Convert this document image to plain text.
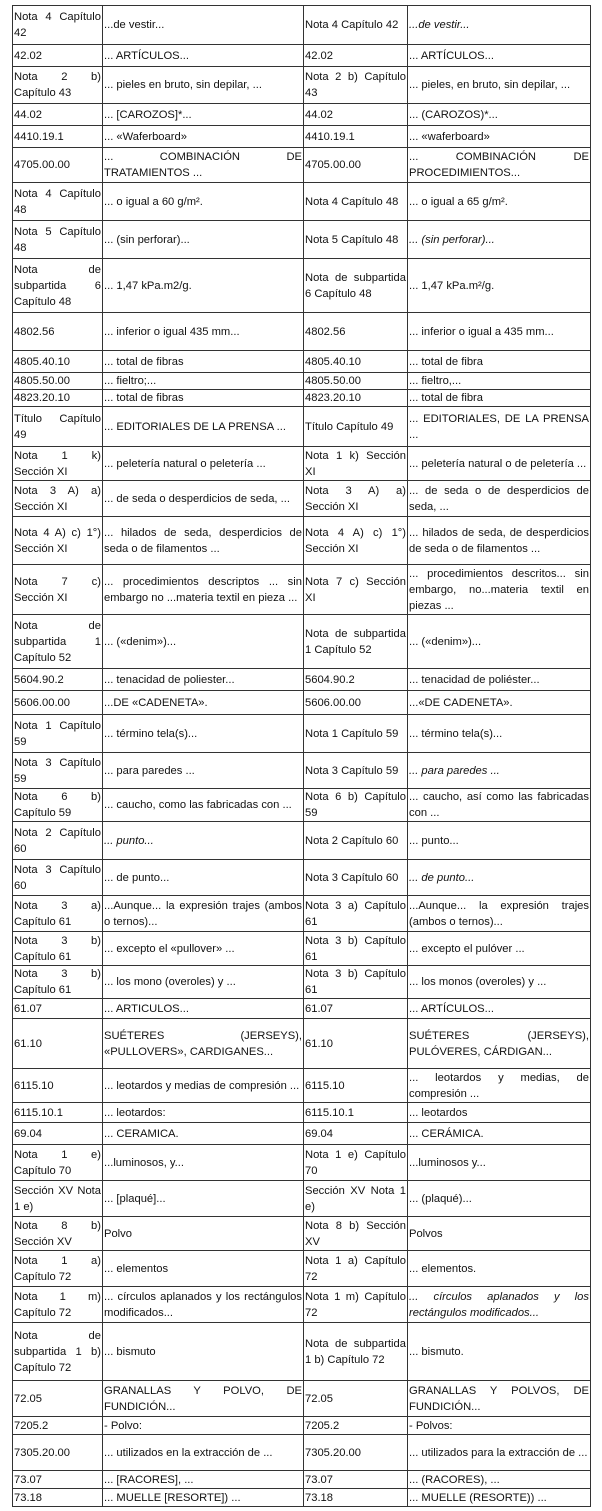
Nota 4 Capítulo 42	...de vestir...	Nota 4 Capítulo 42	...de vestir...
42.02	... ARTÍCULOS...	42.02	... ARTÍCULOS...
Nota 2 b) Capítulo 43	... pieles en bruto, sin depilar, ...	Nota 2 b) Capítulo 43	... pieles, en bruto, sin depilar, ...
44.02	... [CAROZOS]*...	44.02	... (CAROZOS)*...
4410.19.1	... «Waferboard»	4410.19.1	... «waferboard»
4705.00.00	... COMBINACIÓN DE TRATAMIENTOS ...	4705.00.00	... COMBINACIÓN DE PROCEDIMIENTOS...
Nota 4 Capítulo 48	... o igual a 60 g/m².	Nota 4 Capítulo 48	... o igual a 65 g/m².
Nota 5 Capítulo 48	... (sin perforar)...	Nota 5 Capítulo 48	... (sin perforar)...
Nota de subpartida 6 Capítulo 48	... 1,47 kPa.m2/g.	Nota de subpartida 6 Capítulo 48	... 1,47 kPa.m²/g.
4802.56	... inferior o igual 435 mm...	4802.56	... inferior o igual a 435 mm...
4805.40.10	... total de fibras	4805.40.10	... total de fibra
4805.50.00	... fieltro;...	4805.50.00	... fieltro,...
4823.20.10	... total de fibras	4823.20.10	... total de fibra
Título Capítulo 49	... EDITORIALES DE LA PRENSA ...	Título Capítulo 49	... EDITORIALES, DE LA PRENSA ...
Nota 1 k) Sección XI	... peletería natural o peletería ...	Nota 1 k) Sección XI	... peletería natural o de peletería ...
Nota 3 A) a) Sección XI	... de seda o desperdicios de seda, ...	Nota 3 A) a) Sección XI	... de seda o de desperdicios de seda, ...
Nota 4 A) c) 1°) Sección XI	... hilados de seda, desperdicios de seda o de filamentos ...	Nota 4 A) c) 1°) Sección XI	... hilados de seda, de desperdicios de seda o de filamentos ...
Nota 7 c) Sección XI	... procedimientos descriptos ... sin embargo no ...materia textil en pieza ...	Nota 7 c) Sección XI	... procedimientos descritos... sin embargo, no...materia textil en piezas ...
Nota de subpartida 1 Capítulo 52	... («denim»)...	Nota de subpartida 1 Capítulo 52	... («denim»)...
5604.90.2	... tenacidad de poliester...	5604.90.2	... tenacidad de poliéster...
5606.00.00	...DE «CADENETA».	5606.00.00	...«DE CADENETA».
Nota 1 Capítulo 59	... término tela(s)...	Nota 1 Capítulo 59	... término tela(s)...
Nota 3 Capítulo 59	... para paredes ...	Nota 3 Capítulo 59	... para paredes ...
Nota 6 b) Capítulo 59	... caucho, como las fabricadas con ...	Nota 6 b) Capítulo 59	... caucho, así como las fabricadas con ...
Nota 2 Capítulo 60	... punto...	Nota 2 Capítulo 60	... punto...
Nota 3 Capítulo 60	... de punto...	Nota 3 Capítulo 60	... de punto...
Nota 3 a) Capítulo 61	...Aunque... la expresión trajes (ambos o ternos)...	Nota 3 a) Capítulo 61	...Aunque... la expresión trajes (ambos o ternos)...
Nota 3 b) Capítulo 61	... excepto el «pullover» ...	Nota 3 b) Capítulo 61	... excepto el pulóver ...
Nota 3 b) Capítulo 61	... los mono (overoles) y ...	Nota 3 b) Capítulo 61	... los monos (overoles) y ...
61.07	... ARTICULOS...	61.07	... ARTÍCULOS...
61.10	SUÉTERES (JERSEYS), «PULLOVERS», CARDIGANES...	61.10	SUÉTERES (JERSEYS), PULÓVERES, CÁRDIGAN...
6115.10	... leotardos y medias de compresión ...	6115.10	... leotardos y medias, de compresión ...
6115.10.1	... leotardos:	6115.10.1	... leotardos
69.04	... CERAMICA.	69.04	... CERÁMICA.
Nota 1 e) Capítulo 70	...luminosos, y...	Nota 1 e) Capítulo 70	...luminosos y...
Sección XV Nota 1 e)	... [plaqué]...	Sección XV Nota 1 e)	... (plaqué)...
Nota 8 b) Sección XV	Polvo	Nota 8 b) Sección XV	Polvos
Nota 1 a) Capítulo 72	... elementos	Nota 1 a) Capítulo 72	... elementos.
Nota 1 m) Capítulo 72	... círculos aplanados y los rectángulos modificados...	Nota 1 m) Capítulo 72	... círculos aplanados y los rectángulos modificados...
Nota de subpartida 1 b) Capítulo 72	... bismuto	Nota de subpartida 1 b) Capítulo 72	... bismuto.
72.05	GRANALLAS Y POLVO, DE FUNDICIÓN...	72.05	GRANALLAS Y POLVOS, DE FUNDICIÓN...
7205.2	- Polvo:	7205.2	- Polvos:
7305.20.00	... utilizados en la extracción de ...	7305.20.00	... utilizados para la extracción de ...
73.07	... [RACORES], ...	73.07	... (RACORES), ...
73.18	... MUELLE [RESORTE]) ...	73.18	... MUELLE (RESORTE)) ...
